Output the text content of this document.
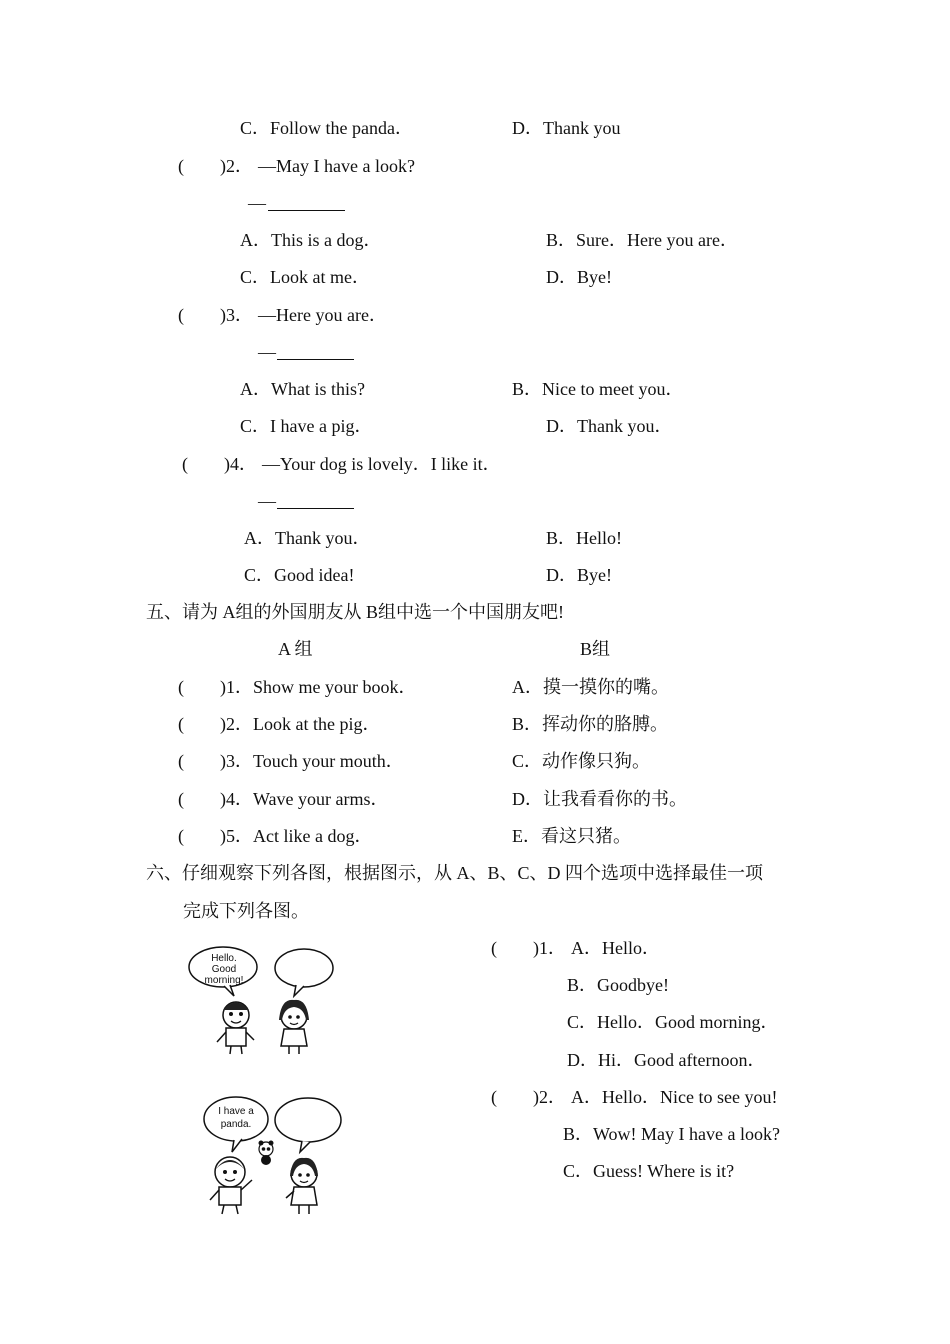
C．Follow the panda．	D．Thank you
(　　)2． —May I have a look?
—
A．This is a dog．	B．Sure．Here you are．
C．Look at me．	D．Bye!
(　　)3． —Here you are．
—
A．What is this?	B．Nice to meet you．
C．I have a pig．	D．Thank you．
(　　)4． —Your dog is lovely．I like it．
—
A．Thank you．	B．Hello!
C．Good idea!	D．Bye!
五、请为 A组的外国朋友从 B组中选一个中国朋友吧!
A 组	B组
(　　)1．Show me your book．	A．摸一摸你的嘴。
(　　)2．Look at the pig．	B．挥动你的胳膊。
(　　)3．Touch your mouth．	C．动作像只狗。
(　　)4．Wave your arms．	D．让我看看你的书。
(　　)5．Act like a dog．	E．看这只猪。
六、仔细观察下列各图，根据图示，从 A、B、C、D 四个选项中选择最佳一项
完成下列各图。
Hello. Good morning!
I have a panda.
(　　)1． A．Hello．
B．Goodbye!
C．Hello．Good morning．
D．Hi．Good afternoon．
(　　)2． A．Hello．Nice to see you!
B．Wow! May I have a look?
C．Guess! Where is it?
